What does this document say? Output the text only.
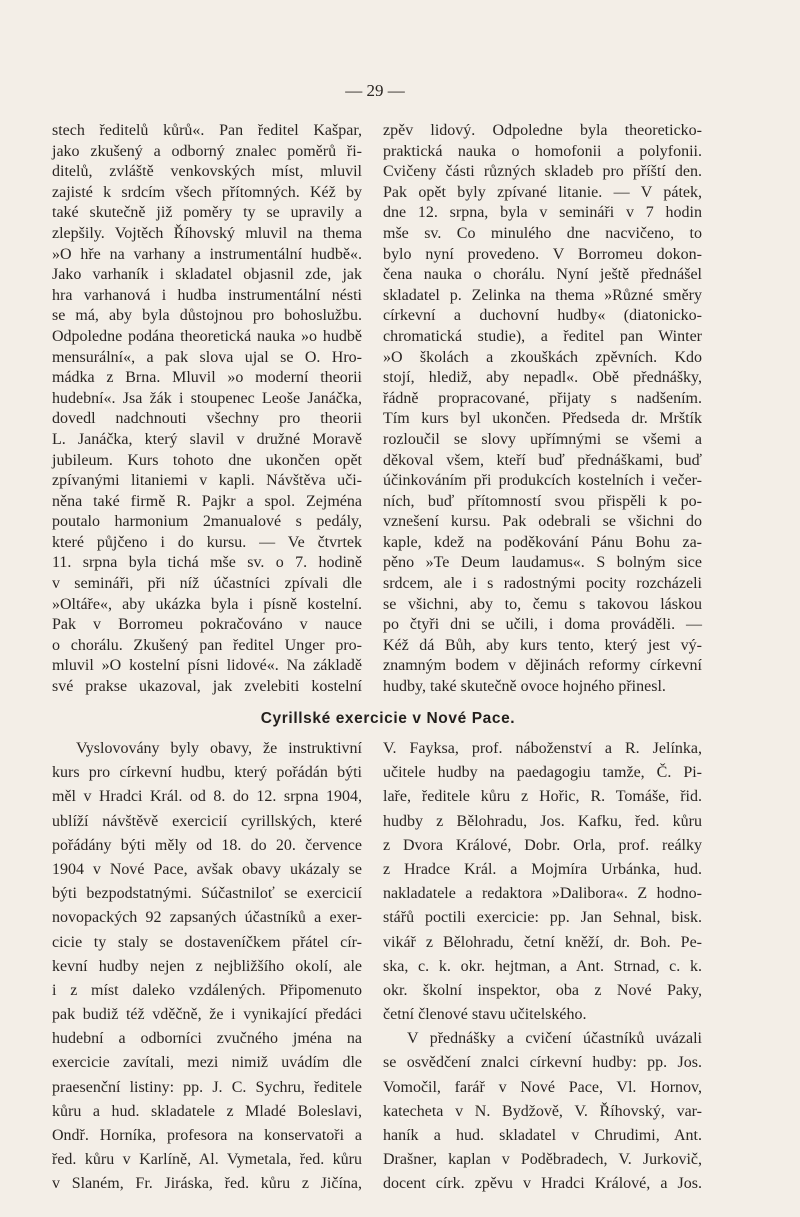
— 29 —
stech ředitelů kůrů«. Pan ředitel Kašpar,
jako zkušený a odborný znalec poměrů ři-
ditelů, zvláště venkovských míst, mluvil
zajisté k srdcím všech přítomných. Kéž by
také skutečně již poměry ty se upravily a
zlepšily. Vojtěch Říhovský mluvil na thema
»O hře na varhany a instrumentální hudbě«.
Jako varhaník i skladatel objasnil zde, jak
hra varhanová i hudba instrumentální nésti
se má, aby byla důstojnou pro bohoslužbu.
Odpoledne podána theoretická nauka »o hudbě
mensurální«, a pak slova ujal se O. Hro-
mádka z Brna. Mluvil »o moderní theorii
hudební«. Jsa žák i stoupenec Leoše Janáčka,
dovedl nadchnouti všechny pro theorii
L. Janáčka, který slavil v družné Moravě
jubileum. Kurs tohoto dne ukončen opět
zpívanými litaniemi v kapli. Návštěva uči-
něna také firmě R. Pajkr a spol. Zejména
poutalo harmonium 2manualové s pedály,
které půjčeno i do kursu. — Ve čtvrtek
11. srpna byla tichá mše sv. o 7. hodině
v semináři, při níž účastníci zpívali dle
»Oltáře«, aby ukázka byla i písně kostelní.
Pak v Borromeu pokračováno v nauce
o chorálu. Zkušený pan ředitel Unger pro-
mluvil »O kostelní písni lidové«. Na základě
své prakse ukazoval, jak zvelebiti kostelní
zpěv lidový. Odpoledne byla theoreticko-
praktická nauka o homofonii a polyfonii.
Cvičeny části různých skladeb pro příští den.
Pak opět byly zpívané litanie. — V pátek,
dne 12. srpna, byla v semináři v 7 hodin
mše sv. Co minulého dne nacvičeno, to
bylo nyní provedeno. V Borromeu dokon-
čena nauka o chorálu. Nyní ještě přednášel
skladatel p. Zelinka na thema »Různé směry
církevní a duchovní hudby« (diatonicko-
chromatická studie), a ředitel pan Winter
»O školách a zkouškách zpěvních. Kdo
stojí, hlediž, aby nepadl«. Obě přednášky,
řádně propracované, přijaty s nadšením.
Tím kurs byl ukončen. Předseda dr. Mrštík
rozloučil se slovy upřímnými se všemi a
děkoval všem, kteří buď přednáškami, buď
účinkováním při produkcích kostelních i večer-
ních, buď přítomností svou přispěli k po-
vznešení kursu. Pak odebrali se všichni do
kaple, kdež na poděkování Pánu Bohu za-
pěno »Te Deum laudamus«. S bolným sice
srdcem, ale i s radostnými pocity rozcházeli
se všichni, aby to, čemu s takovou láskou
po čtyři dni se učili, i doma prováděli. —
Kéž dá Bůh, aby kurs tento, který jest vý-
znamným bodem v dějinách reformy církevní
hudby, také skutečně ovoce hojného přinesl.
Cyrillské exercicie v Nové Pace.
Vyslovovány byly obavy, že instruktivní
kurs pro církevní hudbu, který pořádán býti
měl v Hradci Král. od 8. do 12. srpna 1904,
ublíží návštěvě exercicií cyrillských, které
pořádány býti měly od 18. do 20. července
1904 v Nové Pace, avšak obavy ukázaly se
býti bezpodstatnými. Súčastniloť se exercicií
novopackých 92 zapsaných účastníků a exer-
cicie ty staly se dostaveníčkem přátel cír-
kevní hudby nejen z nejbližšího okolí, ale
i z míst daleko vzdálených. Připomenuto
pak budiž též vděčně, že i vynikající předáci
hudební a odborníci zvučného jména na
exercicie zavítali, mezi nimiž uvádím dle
praesenční listiny: pp. J. C. Sychru, ředitele
kůru a hud. skladatele z Mladé Boleslavi,
Ondř. Horníka, profesora na konservatoři a
řed. kůru v Karlíně, Al. Vymetala, řed. kůru
v Slaném, Fr. Jiráska, řed. kůru z Jičína,
V. Fayksa, prof. náboženství a R. Jelínka,
učitele hudby na paedagogiu tamže, Č. Pi-
laře, ředitele kůru z Hořic, R. Tomáše, řid.
hudby z Bělohradu, Jos. Kafku, řed. kůru
z Dvora Králové, Dobr. Orla, prof. reálky
z Hradce Král. a Mojmíra Urbánka, hud.
nakladatele a redaktora »Dalibora«. Z hodno-
stářů poctili exercicie: pp. Jan Sehnal, bisk.
vikář z Bělohradu, četní kněží, dr. Boh. Pe-
ska, c. k. okr. hejtman, a Ant. Strnad, c. k.
okr. školní inspektor, oba z Nové Paky,
četní členové stavu učitelského.
V přednášky a cvičení účastníků uvázali
se osvědčení znalci církevní hudby: pp. Jos.
Vomočil, farář v Nové Pace, Vl. Hornov,
katecheta v N. Bydžově, V. Říhovský, var-
haník a hud. skladatel v Chrudimi, Ant.
Drašner, kaplan v Poděbradech, V. Jurkovič,
docent círk. zpěvu v Hradci Králové, a Jos.
